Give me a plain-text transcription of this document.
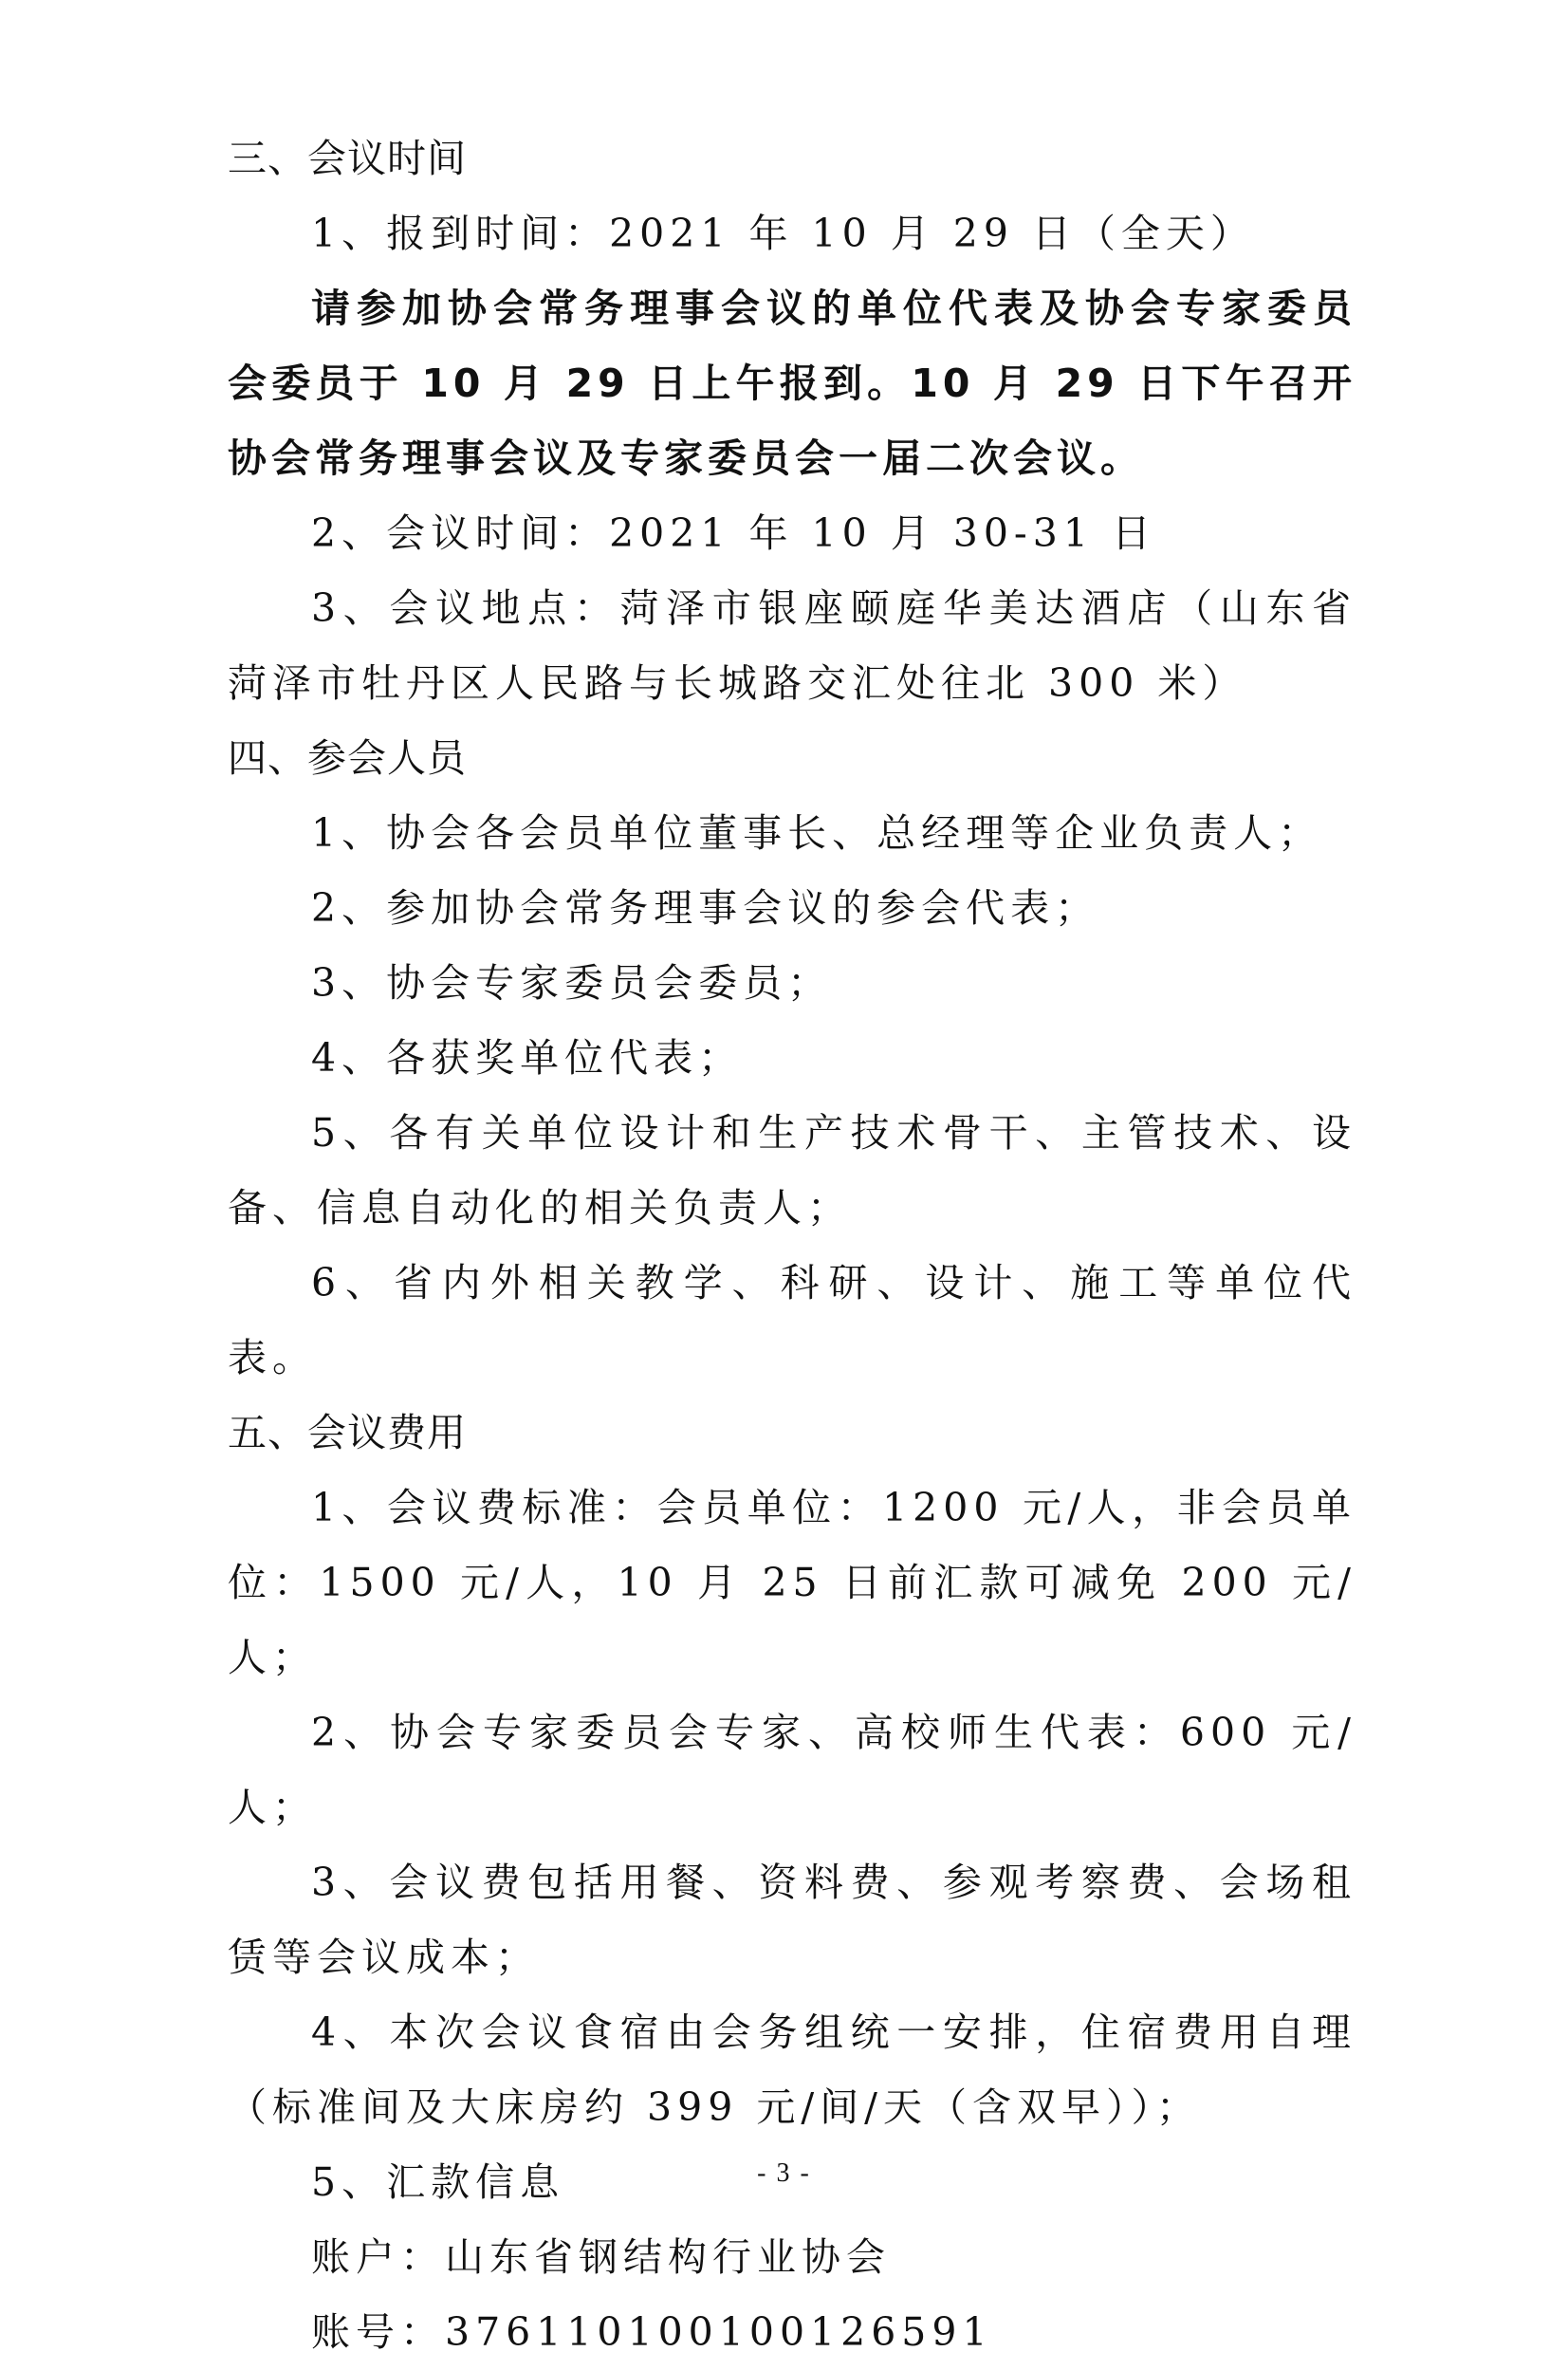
三、会议时间

1、报到时间：2021 年 10 月 29 日（全天）

请参加协会常务理事会议的单位代表及协会专家委员会委员于 10 月 29 日上午报到。10 月 29 日下午召开协会常务理事会议及专家委员会一届二次会议。

2、会议时间：2021 年 10 月 30-31 日

3、会议地点：菏泽市银座颐庭华美达酒店（山东省菏泽市牡丹区人民路与长城路交汇处往北 300 米）

四、参会人员

1、协会各会员单位董事长、总经理等企业负责人；

2、参加协会常务理事会议的参会代表；

3、协会专家委员会委员；

4、各获奖单位代表；

5、各有关单位设计和生产技术骨干、主管技术、设备、信息自动化的相关负责人；

6、省内外相关教学、科研、设计、施工等单位代表。

五、会议费用

1、会议费标准：会员单位：1200 元/人，非会员单位：1500 元/人，10 月 25 日前汇款可减免 200 元/人；

2、协会专家委员会专家、高校师生代表：600 元/人；

3、会议费包括用餐、资料费、参观考察费、会场租赁等会议成本；

4、本次会议食宿由会务组统一安排，住宿费用自理（标准间及大床房约 399 元/间/天（含双早））；

5、汇款信息

账户：山东省钢结构行业协会

账号：376110100100126591

- 3 -
